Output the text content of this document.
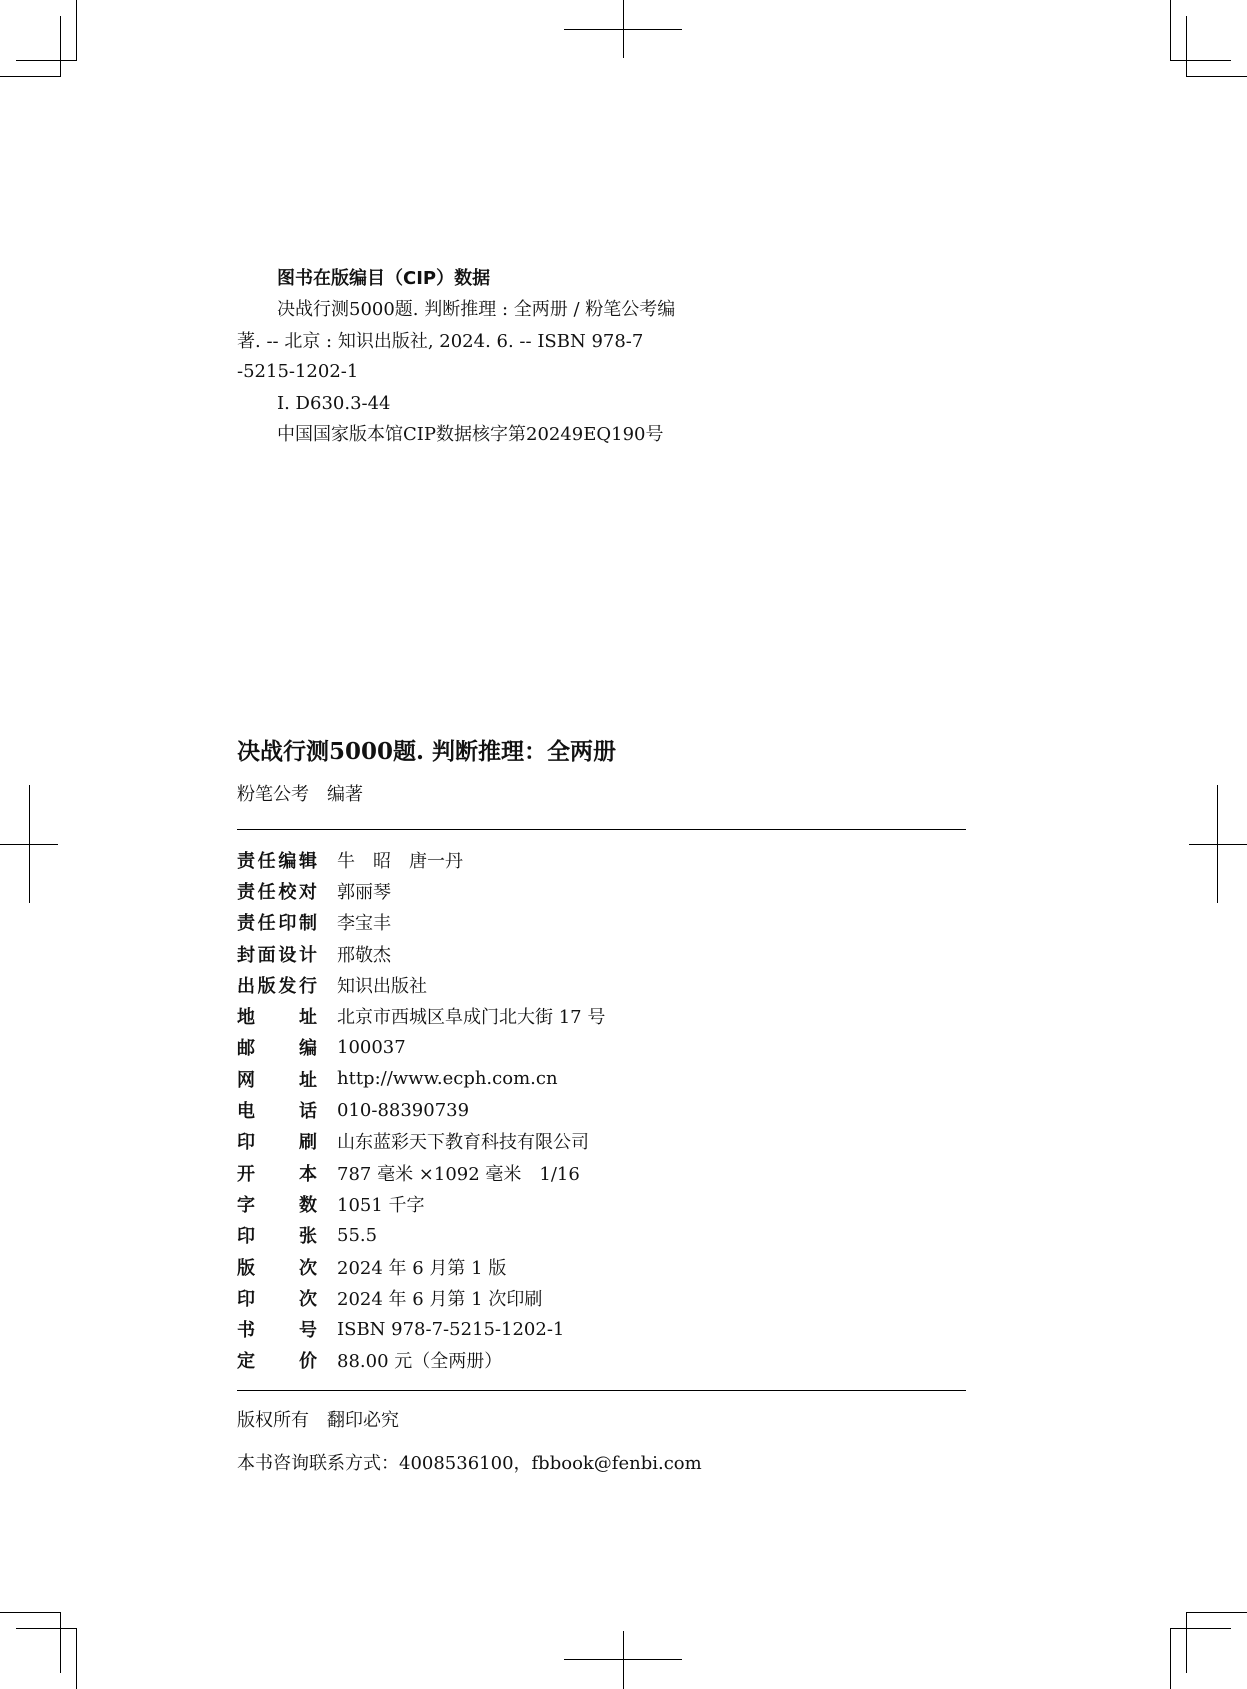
图书在版编目（CIP）数据
决战行测5000题. 判断推理 : 全两册 / 粉笔公考编
著. -- 北京 : 知识出版社, 2024. 6. -- ISBN 978-7
-5215-1202-1
Ⅰ. D630.3-44
中国国家版本馆CIP数据核字第20249EQ190号
决战行测5000题. 判断推理：全两册
粉笔公考　编著
责 任 编 辑 牛　昭　唐一丹
责 任 校 对 郭丽琴
责 任 印 制 李宝丰
封 面 设 计 邢敬杰
出 版 发 行 知识出版社
地 址 北京市西城区阜成门北大街 17 号
邮 编 100037
网 址 http://www.ecph.com.cn
电 话 010-88390739
印 刷 山东蓝彩天下教育科技有限公司
开 本 787 毫米 ×1092 毫米　1/16
字 数 1051 千字
印 张 55.5
版 次 2024 年 6 月第 1 版
印 次 2024 年 6 月第 1 次印刷
书 号 ISBN 978-7-5215-1202-1
定 价 88.00 元（全两册）
版权所有　翻印必究
本书咨询联系方式：4008536100，fbbook@fenbi.com
